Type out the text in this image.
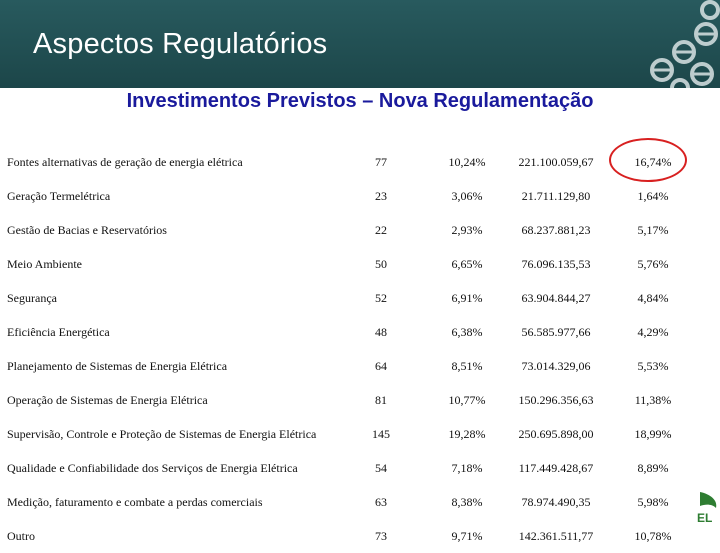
Aspectos Regulatórios
Investimentos Previstos – Nova Regulamentação
Fontes alternativas de geração de energia elétrica	77	10,24%	221.100.059,67	16,74%
Geração Termelétrica	23	3,06%	21.711.129,80	1,64%
Gestão de Bacias e Reservatórios	22	2,93%	68.237.881,23	5,17%
Meio Ambiente	50	6,65%	76.096.135,53	5,76%
Segurança	52	6,91%	63.904.844,27	4,84%
Eficiência Energética	48	6,38%	56.585.977,66	4,29%
Planejamento de Sistemas de Energia Elétrica	64	8,51%	73.014.329,06	5,53%
Operação de Sistemas de Energia Elétrica	81	10,77%	150.296.356,63	11,38%
Supervisão, Controle e Proteção de Sistemas de Energia Elétrica	145	19,28%	250.695.898,00	18,99%
Qualidade e Confiabilidade dos Serviços de Energia Elétrica	54	7,18%	117.449.428,67	8,89%
Medição, faturamento e combate a perdas comerciais	63	8,38%	78.974.490,35	5,98%
Outro	73	9,71%	142.361.511,77	10,78%
EL
